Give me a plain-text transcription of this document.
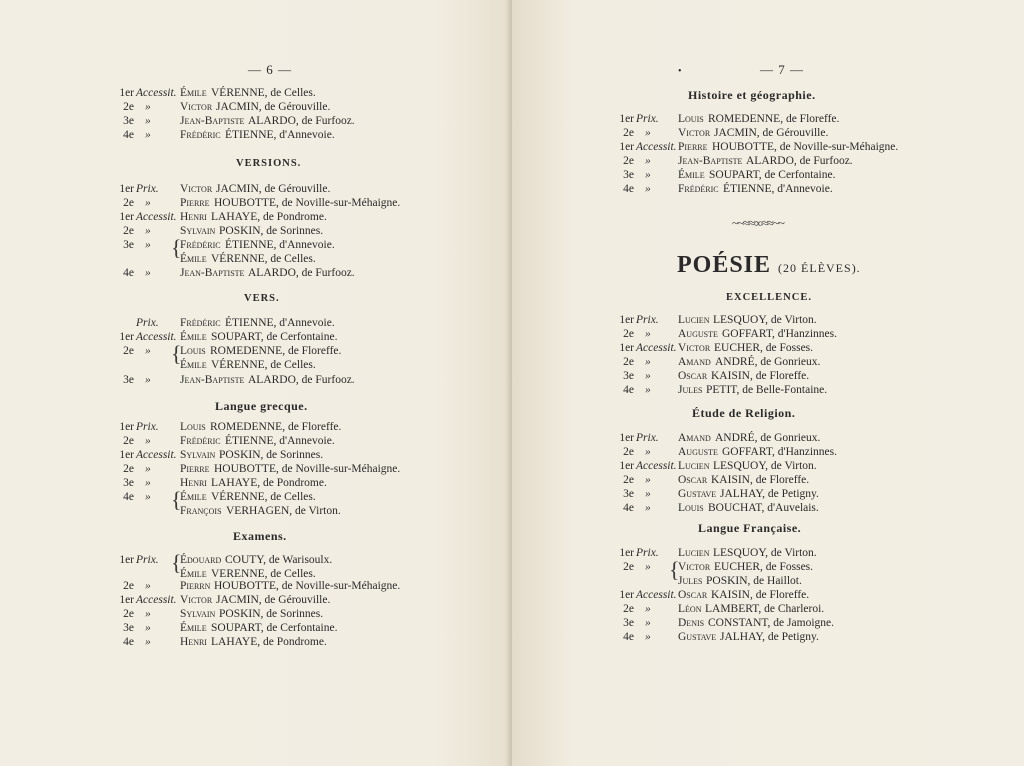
— 6 —
VERSIONS.
VERS.
Langue grecque.
Examens.
1er Accessit. Émile VÉRENNE, de Celles.
2e »	Victor JACMIN, de Gérouville.
3e »	Jean-Baptiste ALARDO, de Furfooz.
4e »	Frédéric ÉTIENNE, d'Annevoie.
1er Prix. Victor JACMIN, de Gérouville.
2e »	Pierre HOUBOTTE, de Noville-sur-Méhaigne.
1er Accessit. Henri LAHAYE, de Pondrome.
2e »	Sylvain POSKIN, de Sorinnes.
3e »	Frédéric ÉTIENNE, d'Annevoie.
Émile VÉRENNE, de Celles.
4e »	Jean-Baptiste ALARDO, de Furfooz.
{
Prix. Frédéric ÉTIENNE, d'Annevoie.
1er Accessit. Émile SOUPART, de Cerfontaine.
2e »	Louis ROMEDENNE, de Floreffe.
Émile VÉRENNE, de Celles.
3e »	Jean-Baptiste ALARDO, de Furfooz.
{
1er Prix. Louis ROMEDENNE, de Floreffe.
2e »	Frédéric ÉTIENNE, d'Annevoie.
1er Accessit. Sylvain POSKIN, de Sorinnes.
2e »	Pierre HOUBOTTE, de Noville-sur-Méhaigne.
3e »	Henri LAHAYE, de Pondrome.
4e »	Émile VÉRENNE, de Celles.
François VERHAGEN, de Virton.
{
1er Prix. Édouard COUTY, de Warisoulx.
Émile VERENNE, de Celles.
2e »	Pierrn HOUBOTTE, de Noville-sur-Méhaigne.
1er Accessit. Victor JACMIN, de Gérouville.
2e »	Sylvain POSKIN, de Sorinnes.
3e »	Émile SOUPART, de Cerfontaine.
4e »	Henri LAHAYE, de Pondrome.
{
— 7 —
•
Histoire et géographie.
~~≈≈∞≈≈~~
POÉSIE (20 ÉLÈVES).
EXCELLENCE.
Étude de Religion.
Langue Française.
1er Prix. Louis ROMEDENNE, de Floreffe.
2e » Victor JACMIN, de Gérouville.
1er Accessit. Pierre HOUBOTTE, de Noville-sur-Méhaigne.
2e » Jean-Baptiste ALARDO, de Furfooz.
3e » Émile SOUPART, de Cerfontaine.
4e » Frédéric ÉTIENNE, d'Annevoie.
1er Prix. Lucien LESQUOY, de Virton.
2e » Auguste GOFFART, d'Hanzinnes.
1er Accessit. Victor EUCHER, de Fosses.
2e » Amand ANDRÉ, de Gonrieux.
3e » Oscar KAISIN, de Floreffe.
4e » Jules PETIT, de Belle-Fontaine.
1er Prix. Amand ANDRÉ, de Gonrieux.
2e » Auguste GOFFART, d'Hanzinnes.
1er Accessit. Lucien LESQUOY, de Virton.
2e » Oscar KAISIN, de Floreffe.
3e » Gustave JALHAY, de Petigny.
4e » Louis BOUCHAT, d'Auvelais.
1er Prix. Lucien LESQUOY, de Virton.
2e » Victor EUCHER, de Fosses.
Jules POSKIN, de Haillot.
1er Accessit. Oscar KAISIN, de Floreffe.
2e » Léon LAMBERT, de Charleroi.
3e » Denis CONSTANT, de Jamoigne.
4e » Gustave JALHAY, de Petigny.
{
